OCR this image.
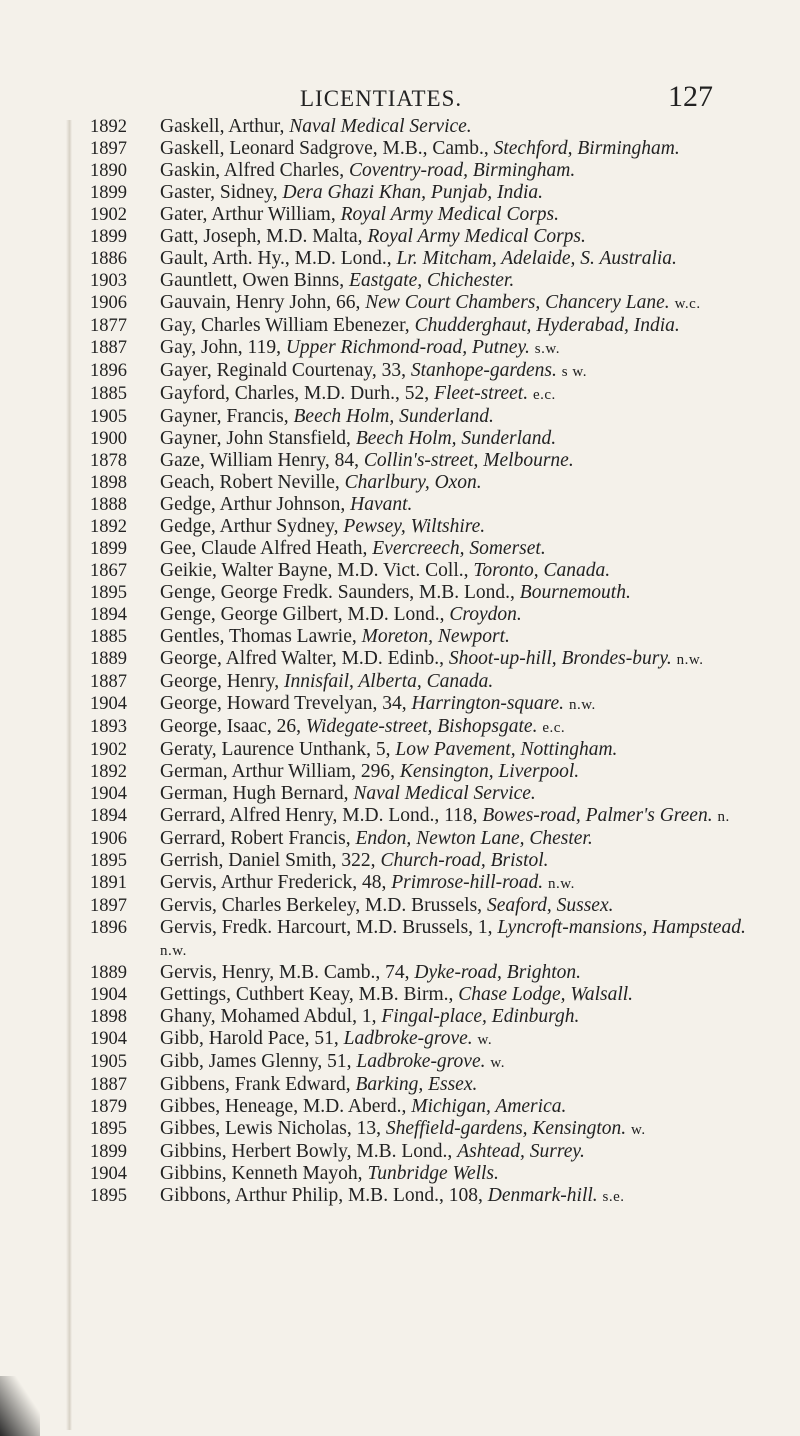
LICENTIATES.	127
1892	Gaskell, Arthur, Naval Medical Service.
1897	Gaskell, Leonard Sadgrove, M.B., Camb., Stechford, Birmingham.
1890	Gaskin, Alfred Charles, Coventry-road, Birmingham.
1899	Gaster, Sidney, Dera Ghazi Khan, Punjab, India.
1902	Gater, Arthur William, Royal Army Medical Corps.
1899	Gatt, Joseph, M.D. Malta, Royal Army Medical Corps.
1886	Gault, Arth. Hy., M.D. Lond., Lr. Mitcham, Adelaide, S. Australia.
1903	Gauntlett, Owen Binns, Eastgate, Chichester.
1906	Gauvain, Henry John, 66, New Court Chambers, Chancery Lane. w.c.
1877	Gay, Charles William Ebenezer, Chudderghaut, Hyderabad, India.
1887	Gay, John, 119, Upper Richmond-road, Putney. s.w.
1896	Gayer, Reginald Courtenay, 33, Stanhope-gardens. s w.
1885	Gayford, Charles, M.D. Durh., 52, Fleet-street. e.c.
1905	Gayner, Francis, Beech Holm, Sunderland.
1900	Gayner, John Stansfield, Beech Holm, Sunderland.
1878	Gaze, William Henry, 84, Collin's-street, Melbourne.
1898	Geach, Robert Neville, Charlbury, Oxon.
1888	Gedge, Arthur Johnson, Havant.
1892	Gedge, Arthur Sydney, Pewsey, Wiltshire.
1899	Gee, Claude Alfred Heath, Evercreech, Somerset.
1867	Geikie, Walter Bayne, M.D. Vict. Coll., Toronto, Canada.
1895	Genge, George Fredk. Saunders, M.B. Lond., Bournemouth.
1894	Genge, George Gilbert, M.D. Lond., Croydon.
1885	Gentles, Thomas Lawrie, Moreton, Newport.
1889	George, Alfred Walter, M.D. Edinb., Shoot-up-hill, Brondes-bury. n.w.
1887	George, Henry, Innisfail, Alberta, Canada.
1904	George, Howard Trevelyan, 34, Harrington-square. n.w.
1893	George, Isaac, 26, Widegate-street, Bishopsgate. e.c.
1902	Geraty, Laurence Unthank, 5, Low Pavement, Nottingham.
1892	German, Arthur William, 296, Kensington, Liverpool.
1904	German, Hugh Bernard, Naval Medical Service.
1894	Gerrard, Alfred Henry, M.D. Lond., 118, Bowes-road, Palmer's Green. n.
1906	Gerrard, Robert Francis, Endon, Newton Lane, Chester.
1895	Gerrish, Daniel Smith, 322, Church-road, Bristol.
1891	Gervis, Arthur Frederick, 48, Primrose-hill-road. n.w.
1897	Gervis, Charles Berkeley, M.D. Brussels, Seaford, Sussex.
1896	Gervis, Fredk. Harcourt, M.D. Brussels, 1, Lyncroft-mansions, Hampstead. n.w.
1889	Gervis, Henry, M.B. Camb., 74, Dyke-road, Brighton.
1904	Gettings, Cuthbert Keay, M.B. Birm., Chase Lodge, Walsall.
1898	Ghany, Mohamed Abdul, 1, Fingal-place, Edinburgh.
1904	Gibb, Harold Pace, 51, Ladbroke-grove. w.
1905	Gibb, James Glenny, 51, Ladbroke-grove. w.
1887	Gibbens, Frank Edward, Barking, Essex.
1879	Gibbes, Heneage, M.D. Aberd., Michigan, America.
1895	Gibbes, Lewis Nicholas, 13, Sheffield-gardens, Kensington. w.
1899	Gibbins, Herbert Bowly, M.B. Lond., Ashtead, Surrey.
1904	Gibbins, Kenneth Mayoh, Tunbridge Wells.
1895	Gibbons, Arthur Philip, M.B. Lond., 108, Denmark-hill. s.e.
